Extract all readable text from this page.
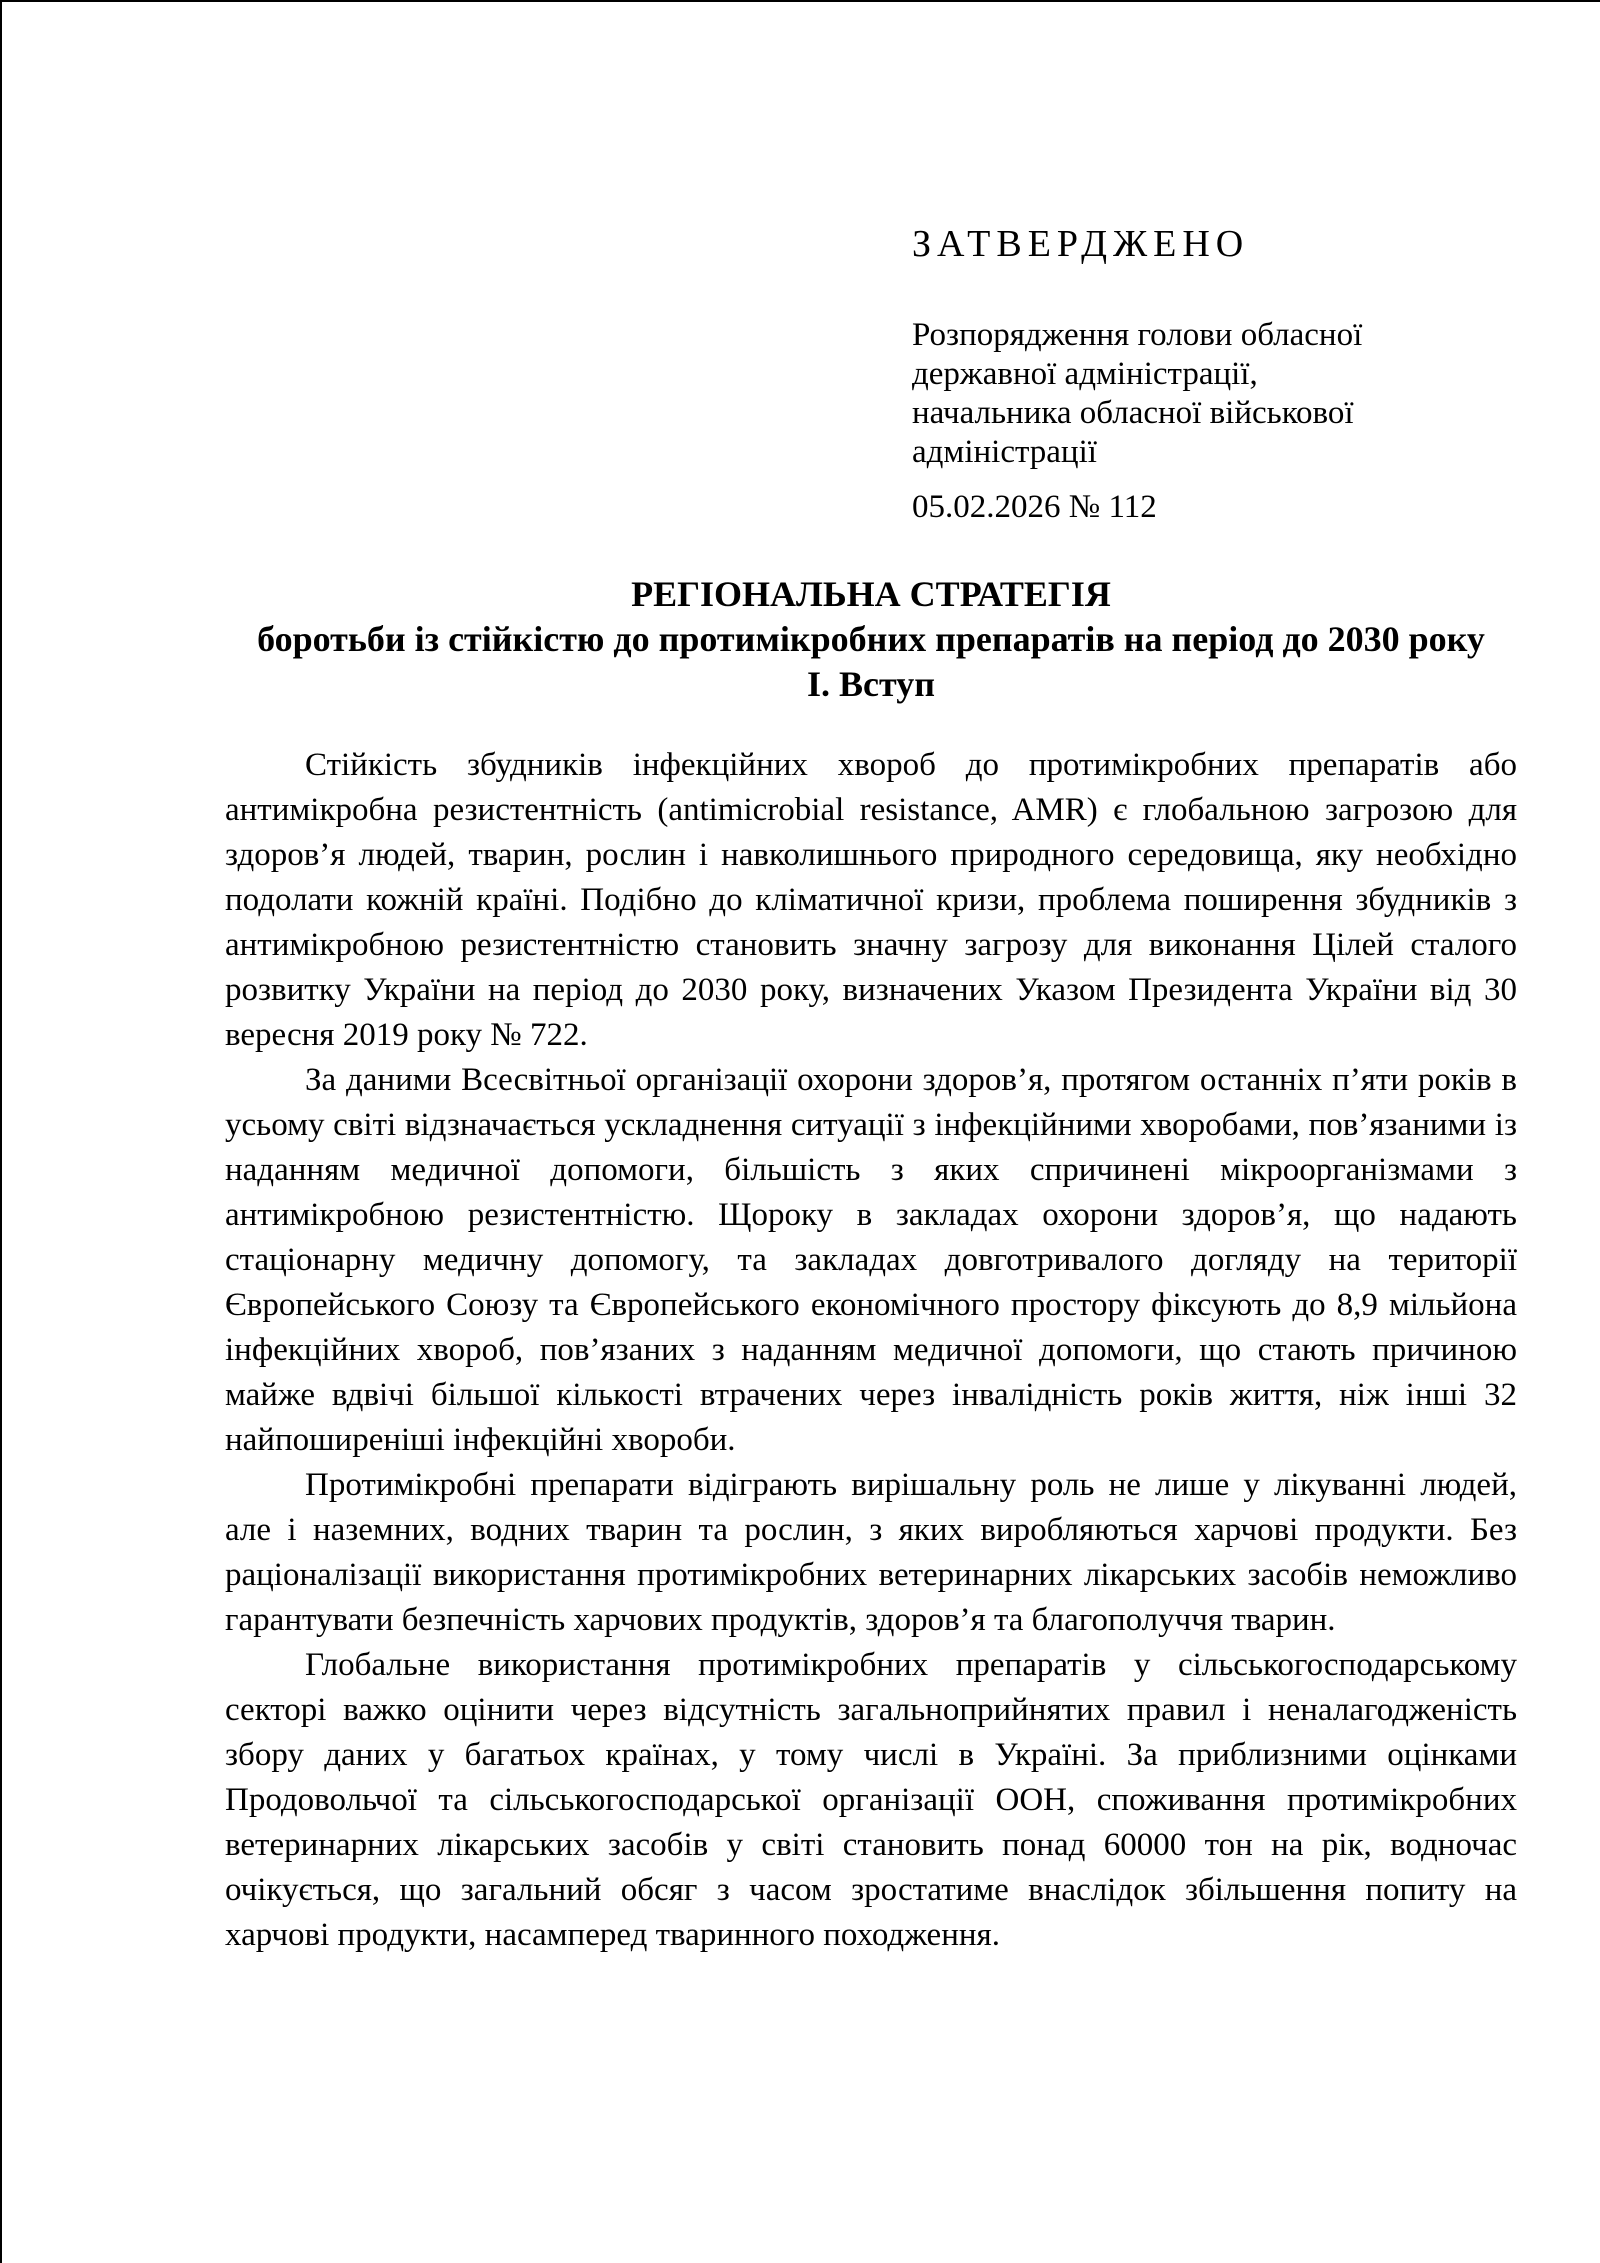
ЗАТВЕРДЖЕНО
Розпорядження голови обласної
державної адміністрації,
начальника обласної військової
адміністрації
05.02.2026 № 112
РЕГІОНАЛЬНА СТРАТЕГІЯ
боротьби із стійкістю до протимікробних препаратів на період до 2030 року
І. Вступ

Стійкість збудників інфекційних хвороб до протимікробних препаратів або антимікробна резистентність (antimicrobial resistance, AMR) є глобальною загрозою для здоров’я людей, тварин, рослин і навколишнього природного середовища, яку необхідно подолати кожній країні. Подібно до кліматичної кризи, проблема поширення збудників з антимікробною резистентністю становить значну загрозу для виконання Цілей сталого розвитку України на період до 2030 року, визначених Указом Президента України від 30 вересня 2019 року № 722.

За даними Всесвітньої організації охорони здоров’я, протягом останніх п’яти років в усьому світі відзначається ускладнення ситуації з інфекційними хворобами, пов’язаними із наданням медичної допомоги, більшість з яких спричинені мікроорганізмами з антимікробною резистентністю. Щороку в закладах охорони здоров’я, що надають стаціонарну медичну допомогу, та закладах довготривалого догляду на території Європейського Союзу та Європейського економічного простору фіксують до 8,9 мільйона інфекційних хвороб, пов’язаних з наданням медичної допомоги, що стають причиною майже вдвічі більшої кількості втрачених через інвалідність років життя, ніж інші 32 найпоширеніші інфекційні хвороби.

Протимікробні препарати відіграють вирішальну роль не лише у лікуванні людей, але і наземних, водних тварин та рослин, з яких виробляються харчові продукти. Без раціоналізації використання протимікробних ветеринарних лікарських засобів неможливо гарантувати безпечність харчових продуктів, здоров’я та благополуччя тварин.

Глобальне використання протимікробних препаратів у сільськогосподарському секторі важко оцінити через відсутність загальноприйнятих правил і неналагодженість збору даних у багатьох країнах, у тому числі в Україні. За приблизними оцінками Продовольчої та сільськогосподарської організації ООН, споживання протимікробних ветеринарних лікарських засобів у світі становить понад 60000 тон на рік, водночас очікується, що загальний обсяг з часом зростатиме внаслідок збільшення попиту на харчові продукти, насамперед тваринного походження.
